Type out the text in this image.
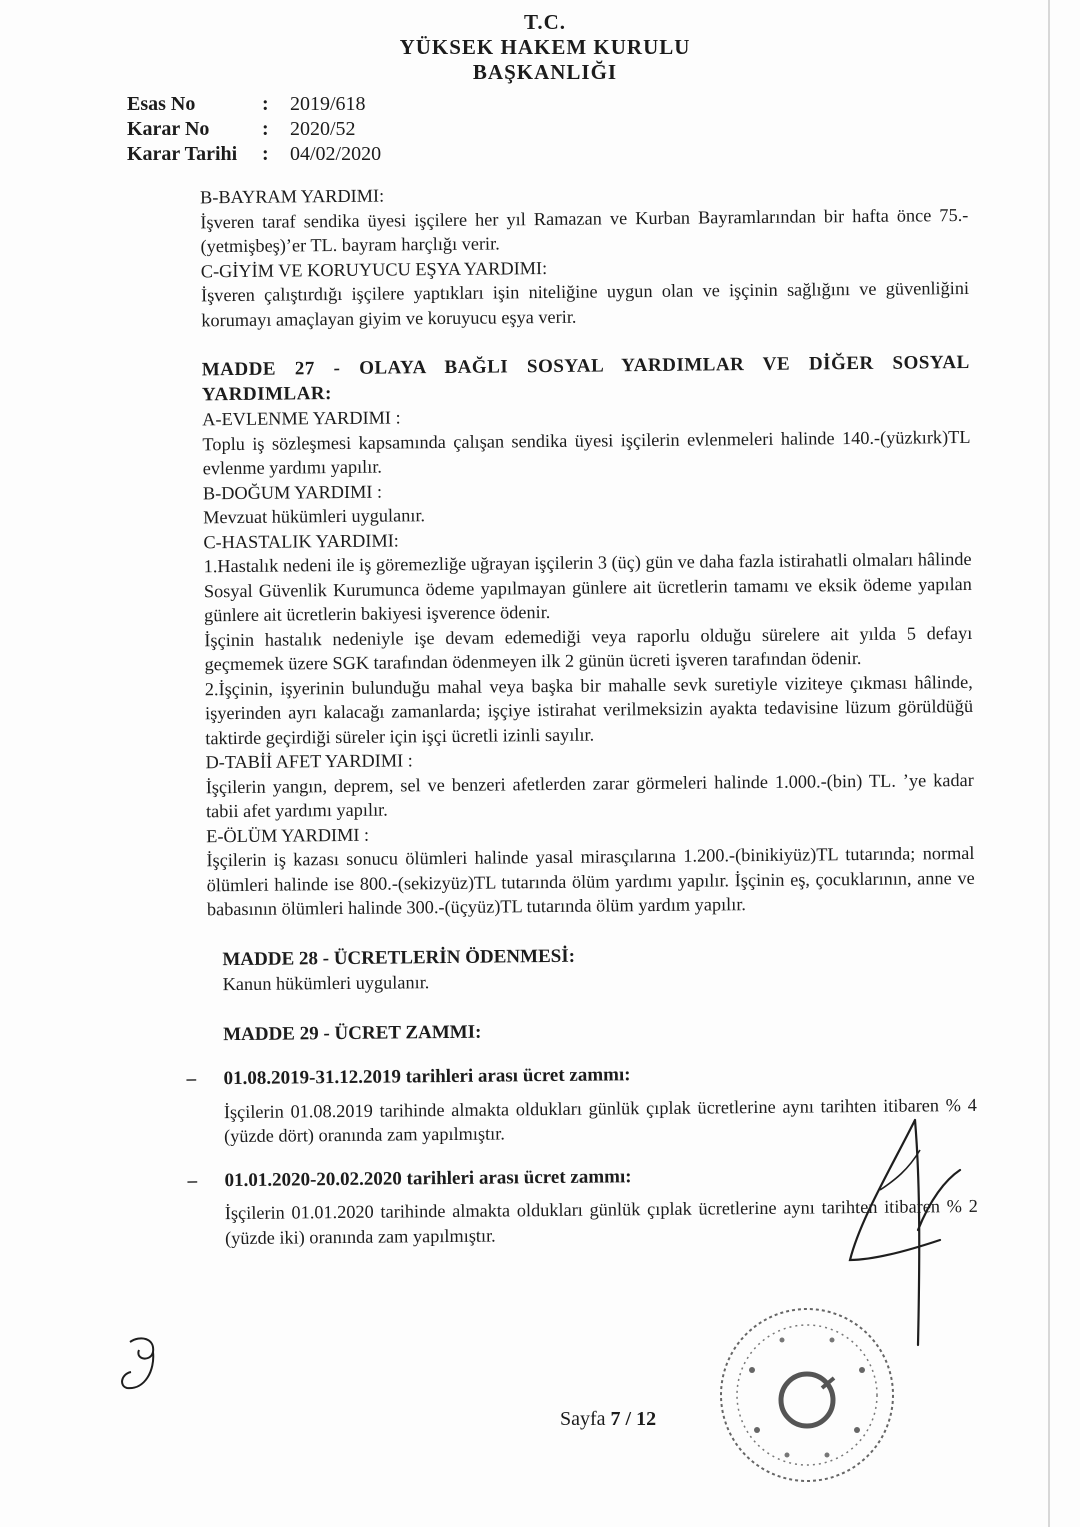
T.C.
YÜKSEK HAKEM KURULU
BAŞKANLIĞI
Esas No	:	2019/618
Karar No	:	2020/52
Karar Tarihi	:	04/02/2020

B-BAYRAM YARDIMI:

İşveren taraf sendika üyesi işçilere her yıl Ramazan ve Kurban Bayramlarından bir hafta önce 75.-(yetmişbeş)’er TL. bayram harçlığı verir.

C-GİYİM VE KORUYUCU EŞYA YARDIMI:

İşveren çalıştırdığı işçilere yaptıkları işin niteliğine uygun olan ve işçinin sağlığını ve güvenliğini korumayı amaçlayan giyim ve koruyucu eşya verir.

MADDE 27 - OLAYA BAĞLI SOSYAL YARDIMLAR VE DİĞER SOSYAL YARDIMLAR:

A-EVLENME YARDIMI :

Toplu iş sözleşmesi kapsamında çalışan sendika üyesi işçilerin evlenmeleri halinde 140.-(yüzkırk)TL evlenme yardımı yapılır.

B-DOĞUM YARDIMI :

Mevzuat hükümleri uygulanır.

C-HASTALIK YARDIMI:

1.Hastalık nedeni ile iş göremezliğe uğrayan işçilerin 3 (üç) gün ve daha fazla istirahatli olmaları hâlinde Sosyal Güvenlik Kurumunca ödeme yapılmayan günlere ait ücretlerin tamamı ve eksik ödeme yapılan günlere ait ücretlerin bakiyesi işverence ödenir.

İşçinin hastalık nedeniyle işe devam edemediği veya raporlu olduğu sürelere ait yılda 5 defayı geçmemek üzere SGK tarafından ödenmeyen ilk 2 günün ücreti işveren tarafından ödenir.

2.İşçinin, işyerinin bulunduğu mahal veya başka bir mahalle sevk suretiyle viziteye çıkması hâlinde, işyerinden ayrı kalacağı zamanlarda; işçiye istirahat verilmeksizin ayakta tedavisine lüzum görüldüğü taktirde geçirdiği süreler için işçi ücretli izinli sayılır.

D-TABİİ AFET YARDIMI :

İşçilerin yangın, deprem, sel ve benzeri afetlerden zarar görmeleri halinde 1.000.-(bin) TL. ’ye kadar tabii afet yardımı yapılır.

E-ÖLÜM YARDIMI :

İşçilerin iş kazası sonucu ölümleri halinde yasal mirasçılarına 1.200.-(binikiyüz)TL tutarında; normal ölümleri halinde ise 800.-(sekizyüz)TL tutarında ölüm yardımı yapılır. İşçinin eş, çocuklarının, anne ve babasının ölümleri halinde 300.-(üçyüz)TL tutarında ölüm yardım yapılır.

MADDE 28 - ÜCRETLERİN ÖDENMESİ:

Kanun hükümleri uygulanır.

MADDE 29 - ÜCRET ZAMMI:

–	01.08.2019-31.12.2019 tarihleri arası ücret zammı:

İşçilerin 01.08.2019 tarihinde almakta oldukları günlük çıplak ücretlerine aynı tarihten itibaren % 4 (yüzde dört) oranında zam yapılmıştır.

–	01.01.2020-20.02.2020 tarihleri arası ücret zammı:

İşçilerin 01.01.2020 tarihinde almakta oldukları günlük çıplak ücretlerine aynı tarihten itibaren % 2 (yüzde iki) oranında zam yapılmıştır.

Sayfa 7 / 12
